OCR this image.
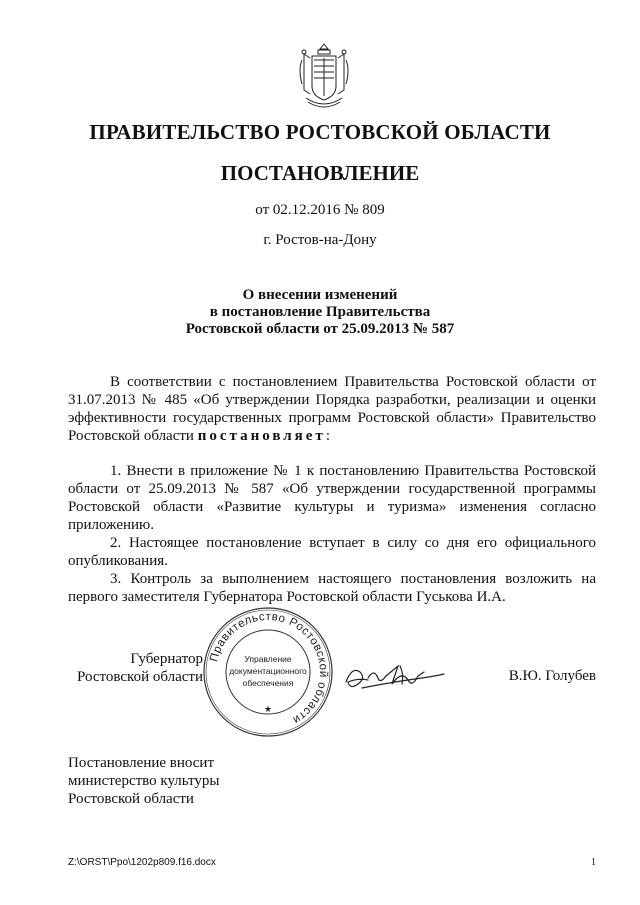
ПРАВИТЕЛЬСТВО РОСТОВСКОЙ ОБЛАСТИ
ПОСТАНОВЛЕНИЕ
от 02.12.2016 № 809
г. Ростов-на-Дону
О внесении изменений
в постановление Правительства
Ростовской области от 25.09.2013 № 587
В соответствии с постановлением Правительства Ростовской области от 31.07.2013 № 485 «Об утверждении Порядка разработки, реализации и оценки эффективности государственных программ Ростовской области» Правительство Ростовской области постановляет:
1. Внести в приложение № 1 к постановлению Правительства Ростовской области от 25.09.2013 № 587 «Об утверждении государственной программы Ростовской области «Развитие культуры и туризма» изменения согласно приложению.
2. Настоящее постановление вступает в силу со дня его официального опубликования.
3. Контроль за выполнением настоящего постановления возложить на первого заместителя Губернатора Ростовской области Гуськова И.А.
Губернатор
Ростовской области
Правительство Ростовской области
Управление
документационного
обеспечения
★
В.Ю. Голубев
Постановление вносит
министерство культуры
Ростовской области
Z:\ORST\Ppo\1202p809.f16.docx	1
